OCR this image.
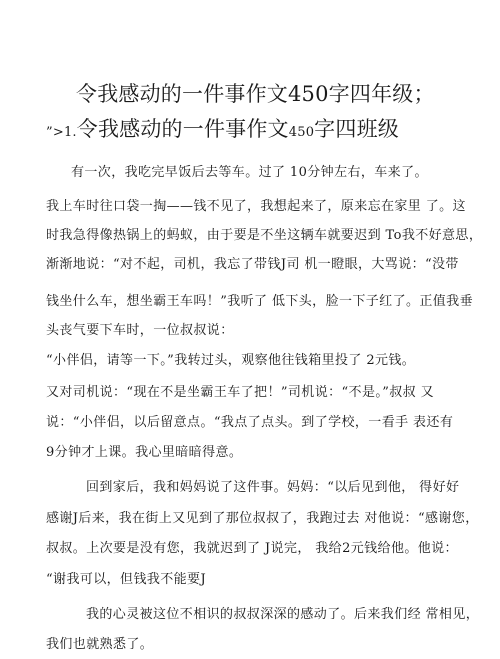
令我感动的一件事作文450字四年级；
”>1.令我感动的一件事作文450字四班级
有一次，我吃完早饭后去等车。过了 10分钟左右，车来了。
我上车时往口袋一掏——钱不见了，我想起来了，原来忘在家里 了。这
时我急得像热锅上的蚂蚁，由于要是不坐这辆车就要迟到 To我不好意思，
渐渐地说：“对不起，司机，我忘了带钱J司 机一瞪眼，大骂说：“没带
钱坐什么车，想坐霸王车吗！”我听了 低下头，脸一下子红了。正值我垂
头丧气要下车时，一位叔叔说：
“小伴侣，请等一下。”我转过头，观察他往钱箱里投了 2元钱。
又对司机说：“现在不是坐霸王车了把！”司机说：“不是。”叔叔 又
说：“小伴侣，以后留意点。“我点了点头。到了学校，一看手 表还有
9分钟才上课。我心里暗暗得意。
回到家后，我和妈妈说了这件事。妈妈：“以后见到他， 得好好
感谢J后来，我在街上又见到了那位叔叔了，我跑过去 对他说：“感谢您，
叔叔。上次要是没有您，我就迟到了 J说完， 我给2元钱给他。他说：
“谢我可以，但钱我不能要J
我的心灵被这位不相识的叔叔深深的感动了。后来我们经 常相见，
我们也就熟悉了。
